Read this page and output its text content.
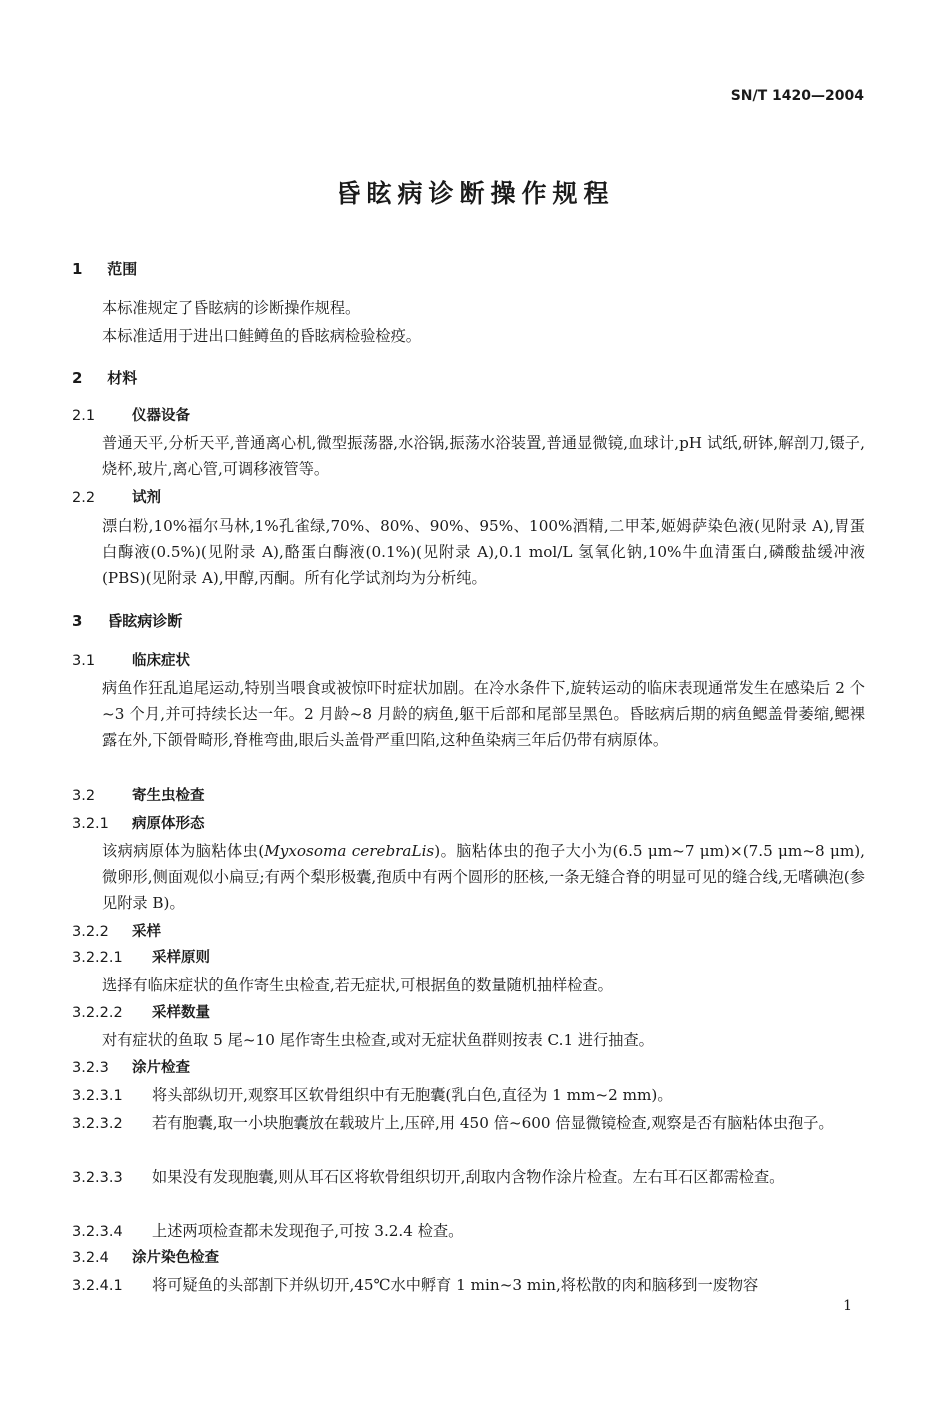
SN/T 1420—2004
昏眩病诊断操作规程
1 范围
本标准规定了昏眩病的诊断操作规程。
本标准适用于进出口鲑鳟鱼的昏眩病检验检疫。
2 材料
2.1	仪器设备
普通天平,分析天平,普通离心机,微型振荡器,水浴锅,振荡水浴装置,普通显微镜,血球计,pH 试纸,研钵,解剖刀,镊子,烧杯,玻片,离心管,可调移液管等。
2.2	试剂
漂白粉,10%福尔马林,1%孔雀绿,70%、80%、90%、95%、100%酒精,二甲苯,姬姆萨染色液(见附录 A),胃蛋白酶液(0.5%)(见附录 A),酪蛋白酶液(0.1%)(见附录 A),0.1 mol/L 氢氧化钠,10%牛血清蛋白,磷酸盐缓冲液(PBS)(见附录 A),甲醇,丙酮。所有化学试剂均为分析纯。
3 昏眩病诊断
3.1	临床症状
病鱼作狂乱追尾运动,特别当喂食或被惊吓时症状加剧。在冷水条件下,旋转运动的临床表现通常发生在感染后 2 个~3 个月,并可持续长达一年。2 月龄~8 月龄的病鱼,躯干后部和尾部呈黑色。昏眩病后期的病鱼鳃盖骨萎缩,鳃裸露在外,下颌骨畸形,脊椎弯曲,眼后头盖骨严重凹陷,这种鱼染病三年后仍带有病原体。
3.2	寄生虫检查
3.2.1 病原体形态
该病病原体为脑粘体虫(Myxosoma cerebraLis)。脑粘体虫的孢子大小为(6.5 μm~7 μm)×(7.5 μm~8 μm),微卵形,侧面观似小扁豆;有两个梨形极囊,孢质中有两个圆形的胚核,一条无缝合脊的明显可见的缝合线,无嗜碘泡(参见附录 B)。
3.2.2 采样
3.2.2.1 采样原则
选择有临床症状的鱼作寄生虫检查,若无症状,可根据鱼的数量随机抽样检查。
3.2.2.2 采样数量
对有症状的鱼取 5 尾~10 尾作寄生虫检查,或对无症状鱼群则按表 C.1 进行抽查。
3.2.3 涂片检查
3.2.3.1 将头部纵切开,观察耳区软骨组织中有无胞囊(乳白色,直径为 1 mm~2 mm)。
3.2.3.2 若有胞囊,取一小块胞囊放在载玻片上,压碎,用 450 倍~600 倍显微镜检查,观察是否有脑粘体虫孢子。
3.2.3.3 如果没有发现胞囊,则从耳石区将软骨组织切开,刮取内含物作涂片检查。左右耳石区都需检查。
3.2.3.4 上述两项检查都未发现孢子,可按 3.2.4 检查。
3.2.4 涂片染色检查
3.2.4.1 将可疑鱼的头部割下并纵切开,45℃水中孵育 1 min~3 min,将松散的肉和脑移到一废物容
1
